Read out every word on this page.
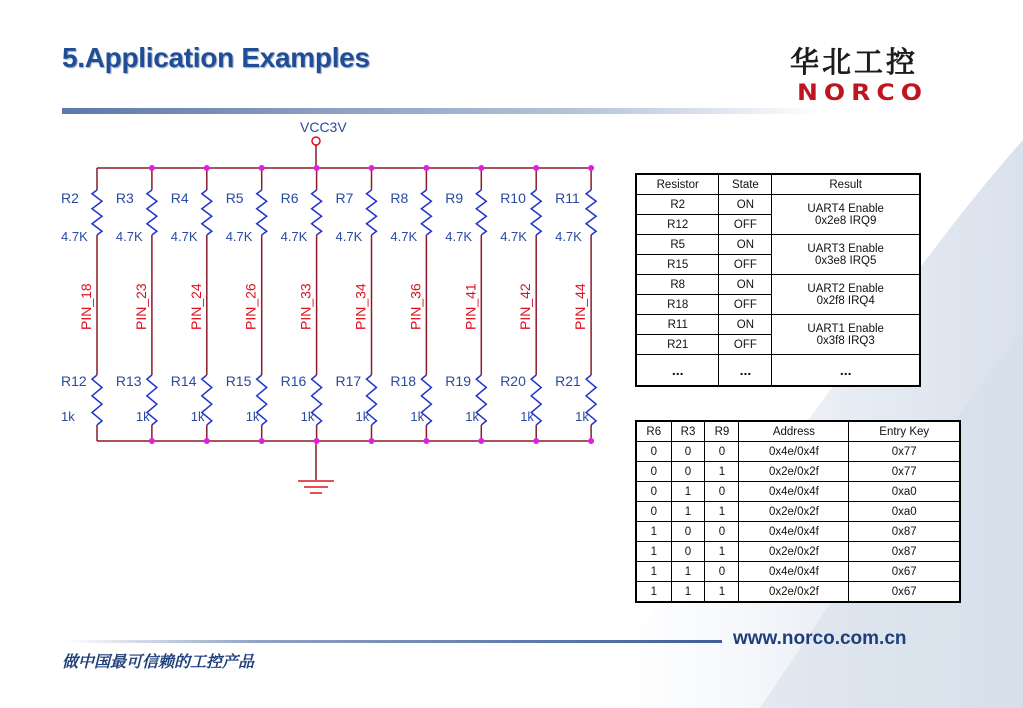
5.Application Examples	华北工控
NORCO
VCC3V
R2
4.7K
PIN_18
R12
1k
R3
4.7K
PIN_23
R13
1k
R4
4.7K
PIN_24
R14
1k
R5
4.7K
PIN_26
R15
1k
R6
4.7K
PIN_33
R16
1k
R7
4.7K
PIN_34
R17
1k
R8
4.7K
PIN_36
R18
1k
R9
4.7K
PIN_41
R19
1k
R10
4.7K
PIN_42
R20
1k
R11
4.7K
PIN_44
R21
1k
Resistor	State	Result
R2	ON	UART4 Enable
0x2e8 IRQ9

R12	OFF	
R5	ON	UART3 Enable
0x3e8 IRQ5

R15	OFF	
R8	ON	UART2 Enable
0x2f8 IRQ4

R18	OFF	
R11	ON	UART1 Enable
0x3f8 IRQ3

R21	OFF	
...	...	...
R6	R3	R9	Address	Entry Key
0	0	0	0x4e/0x4f	0x77
0	0	1	0x2e/0x2f	0x77
0	1	0	0x4e/0x4f	0xa0
0	1	1	0x2e/0x2f	0xa0
1	0	0	0x4e/0x4f	0x87
1	0	1	0x2e/0x2f	0x87
1	1	0	0x4e/0x4f	0x67
1	1	1	0x2e/0x2f	0x67
www.norco.com.cn
做中国最可信赖的工控产品
